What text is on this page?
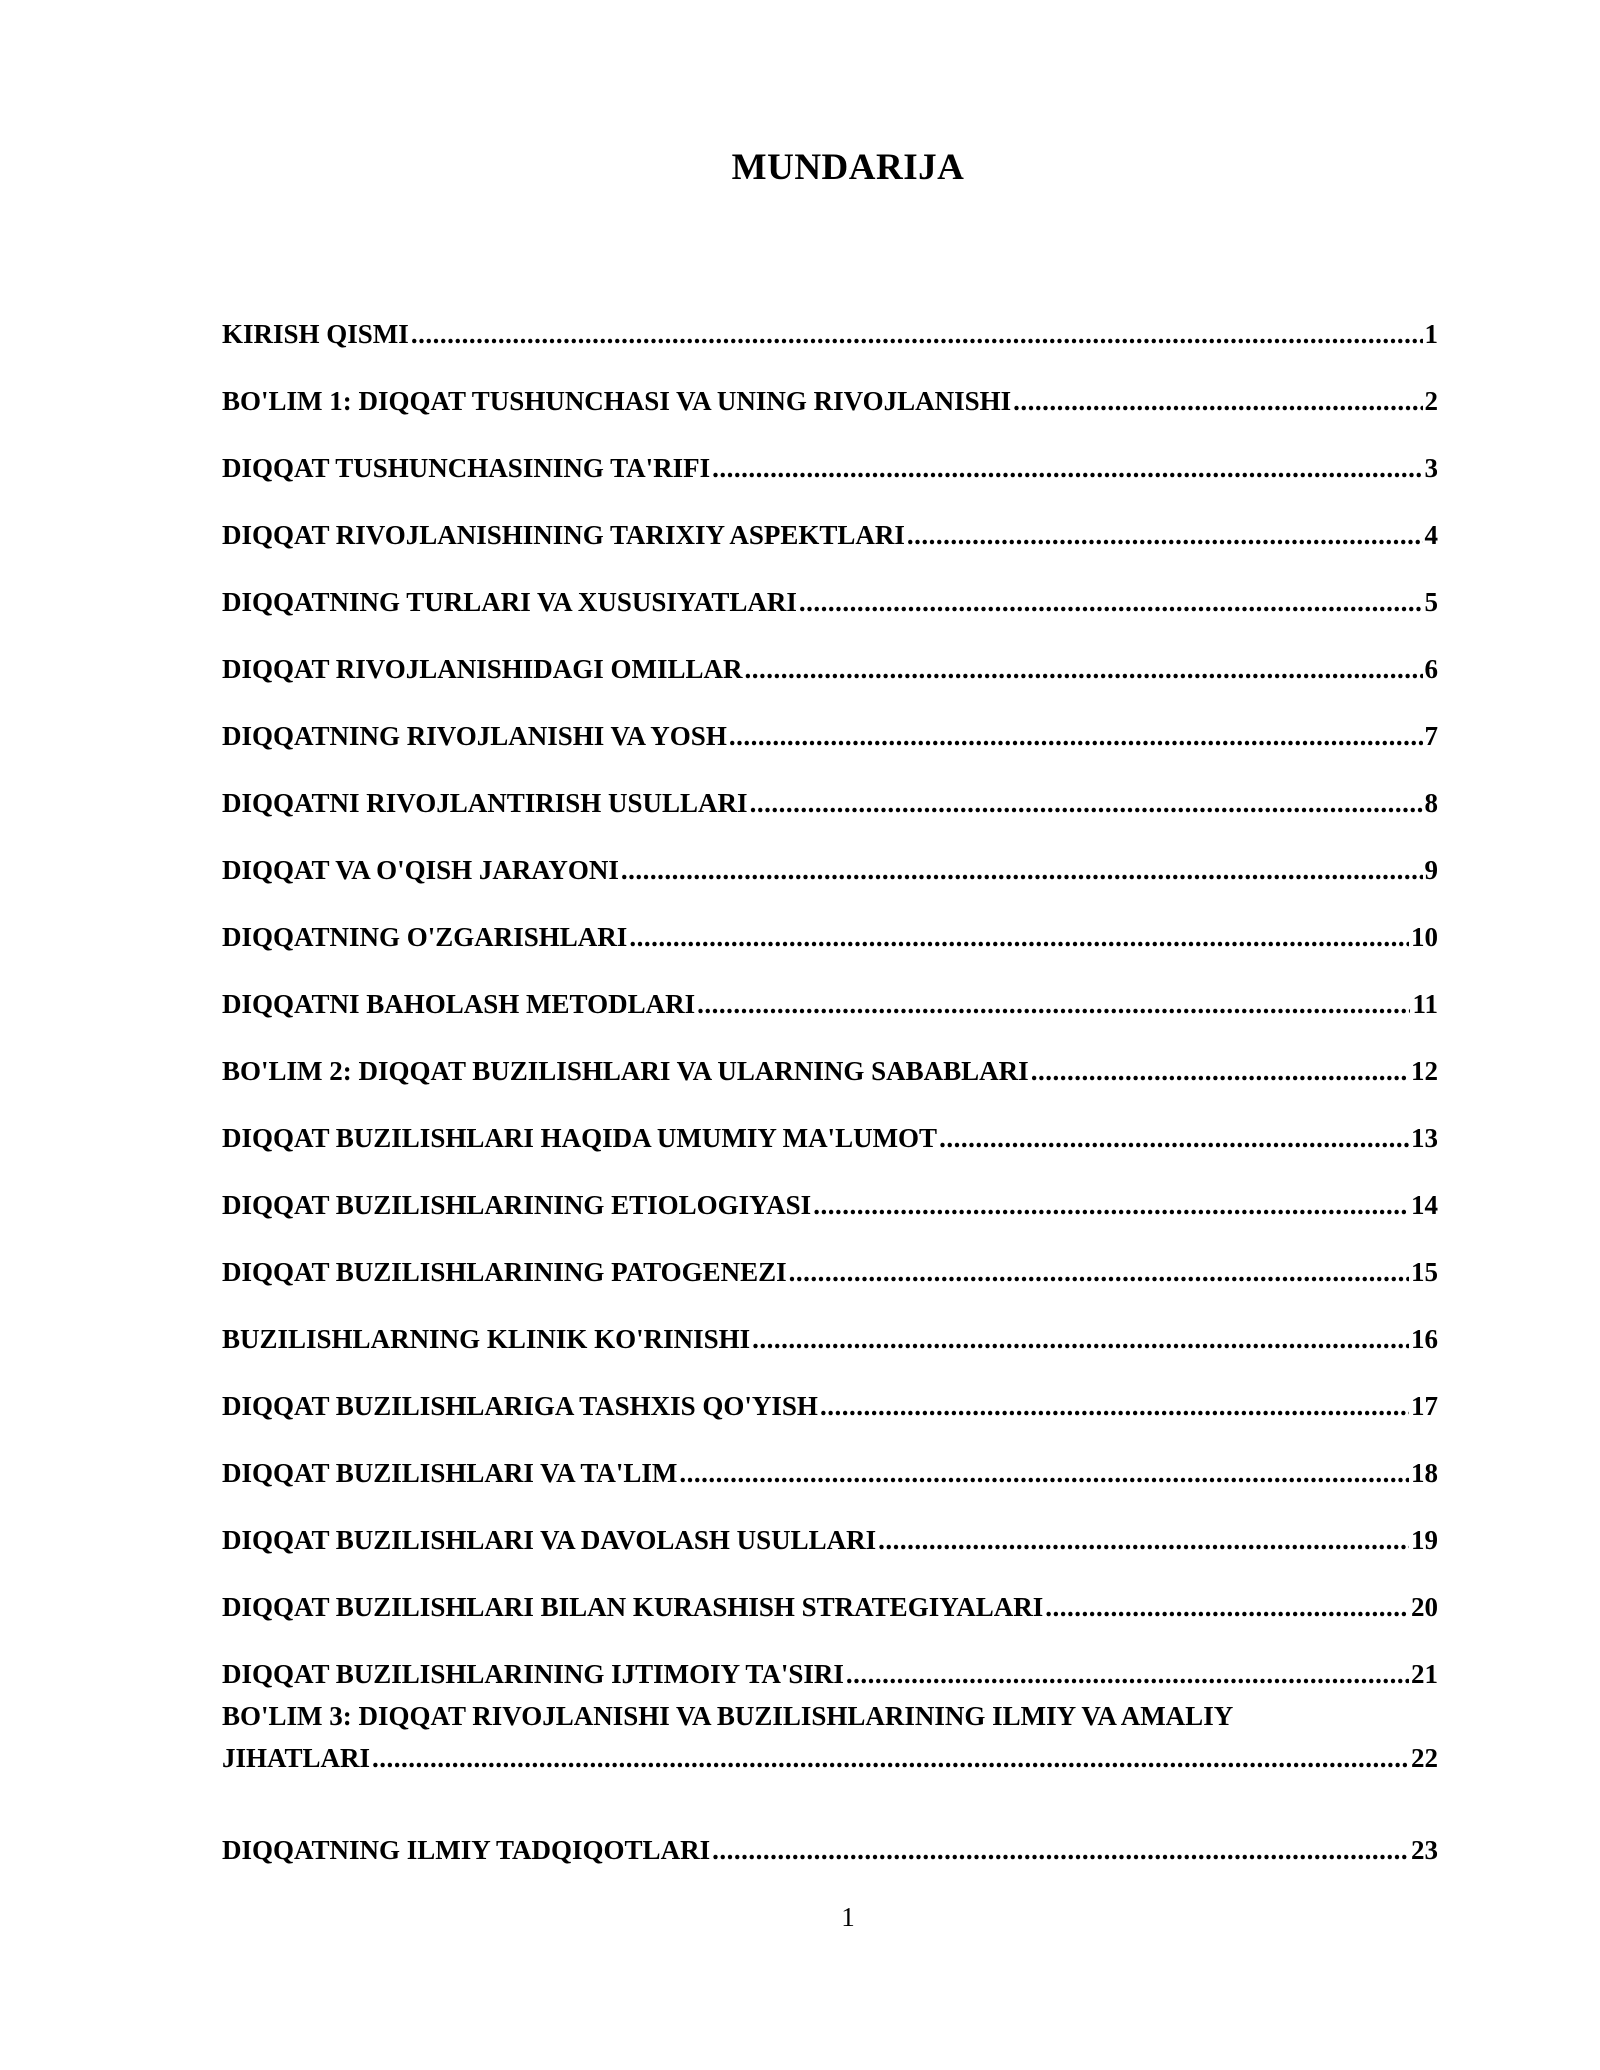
MUNDARIJA
KIRISH QISMI .....	1
BO'LIM 1: DIQQAT TUSHUNCHASI VA UNING RIVOJLANISHI .....	2
DIQQAT TUSHUNCHASINING TA'RIFI .....	3
DIQQAT RIVOJLANISHINING TARIXIY ASPEKTLARI .....	4
DIQQATNING TURLARI VA XUSUSIYATLARI .....	5
DIQQAT RIVOJLANISHIDAGI OMILLAR .....	6
DIQQATNING RIVOJLANISHI VA YOSH .....	7
DIQQATNI RIVOJLANTIRISH USULLARI .....	8
DIQQAT VA O'QISH JARAYONI .....	9
DIQQATNING O'ZGARISHLARI .....	10
DIQQATNI BAHOLASH METODLARI .....	11
BO'LIM 2: DIQQAT BUZILISHLARI VA ULARNING SABABLARI .....	12
DIQQAT BUZILISHLARI HAQIDA UMUMIY MA'LUMOT .....	13
DIQQAT BUZILISHLARINING ETIOLOGIYASI .....	14
DIQQAT BUZILISHLARINING PATOGENEZI .....	15
BUZILISHLARNING KLINIK KO'RINISHI .....	16
DIQQAT BUZILISHLARIGA TASHXIS QO'YISH .....	17
DIQQAT BUZILISHLARI VA TA'LIM .....	18
DIQQAT BUZILISHLARI VA DAVOLASH USULLARI .....	19
DIQQAT BUZILISHLARI BILAN KURASHISH STRATEGIYALARI .....	20
DIQQAT BUZILISHLARINING IJTIMOIY TA'SIRI .....	21
BO'LIM 3: DIQQAT RIVOJLANISHI VA BUZILISHLARINING ILMIY VA AMALIY
JIHATLARI .....	22
DIQQATNING ILMIY TADQIQOTLARI .....	23
1
